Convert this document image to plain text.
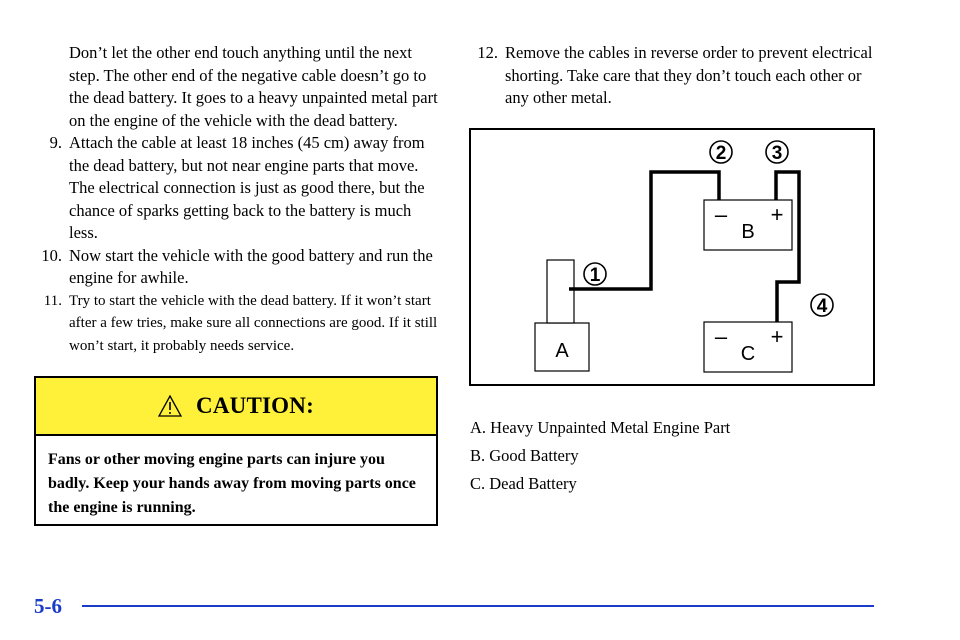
Don’t let the other end touch anything until the next step. The other end of the negative cable doesn’t go to the dead battery. It goes to a heavy unpainted metal part on the engine of the vehicle with the dead battery.
9. Attach the cable at least 18 inches (45 cm) away from the dead battery, but not near engine parts that move. The electrical connection is just as good there, but the chance of sparks getting back to the battery is much less.
10. Now start the vehicle with the good battery and run the engine for awhile.
11. Try to start the vehicle with the dead battery. If it won’t start after a few tries, make sure all connections are good. If it still won’t start, it probably needs service.
CAUTION:
Fans or other moving engine parts can injure you badly. Keep your hands away from moving parts once the engine is running.
12. Remove the cables in reverse order to prevent electrical shorting. Take care that they don’t touch each other or any other metal.
A
– +
B
– +
C
1
2 3
4
A. Heavy Unpainted Metal Engine Part
B. Good Battery
C. Dead Battery
5-6
